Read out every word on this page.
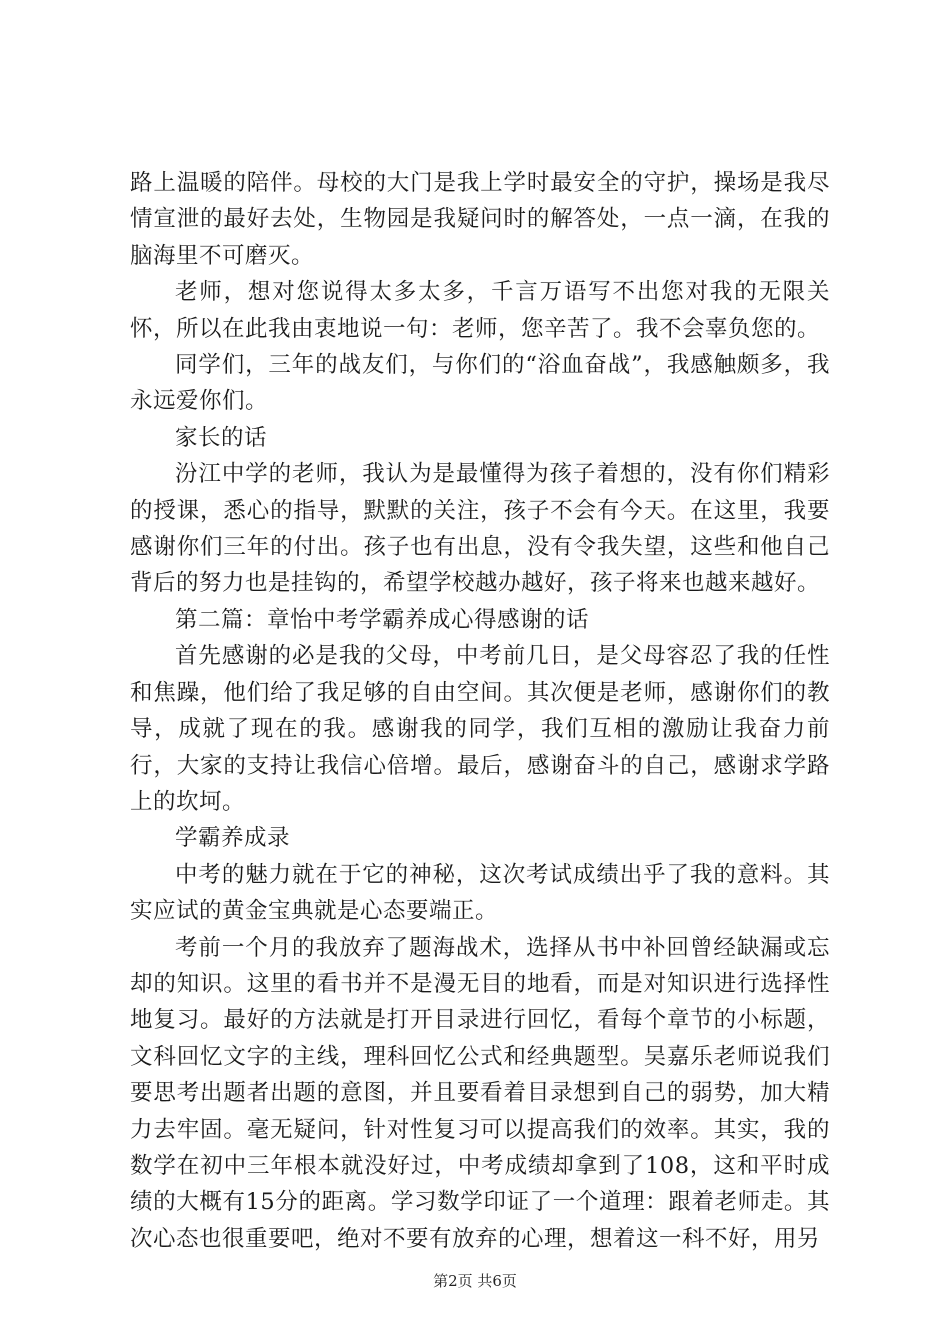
路上温暖的陪伴。母校的大门是我上学时最安全的守护，操场是我尽情宣泄的最好去处，生物园是我疑问时的解答处，一点一滴，在我的脑海里不可磨灭。

老师，想对您说得太多太多，千言万语写不出您对我的无限关怀，所以在此我由衷地说一句：老师，您辛苦了。我不会辜负您的。

同学们，三年的战友们，与你们的“浴血奋战”，我感触颇多，我永远爱你们。

家长的话

汾江中学的老师，我认为是最懂得为孩子着想的，没有你们精彩的授课，悉心的指导，默默的关注，孩子不会有今天。在这里，我要感谢你们三年的付出。孩子也有出息，没有令我失望，这些和他自己背后的努力也是挂钩的，希望学校越办越好，孩子将来也越来越好。

第二篇：章怡中考学霸养成心得感谢的话

首先感谢的必是我的父母，中考前几日，是父母容忍了我的任性和焦躁，他们给了我足够的自由空间。其次便是老师，感谢你们的教导，成就了现在的我。感谢我的同学，我们互相的激励让我奋力前行，大家的支持让我信心倍增。最后，感谢奋斗的自己，感谢求学路上的坎坷。

学霸养成录

中考的魅力就在于它的神秘，这次考试成绩出乎了我的意料。其实应试的黄金宝典就是心态要端正。

考前一个月的我放弃了题海战术，选择从书中补回曾经缺漏或忘却的知识。这里的看书并不是漫无目的地看，而是对知识进行选择性地复习。最好的方法就是打开目录进行回忆，看每个章节的小标题，文科回忆文字的主线，理科回忆公式和经典题型。吴嘉乐老师说我们要思考出题者出题的意图，并且要看着目录想到自己的弱势，加大精力去牢固。毫无疑问，针对性复习可以提高我们的效率。其实，我的数学在初中三年根本就没好过，中考成绩却拿到了108，这和平时成绩的大概有15分的距离。学习数学印证了一个道理：跟着老师走。其次心态也很重要吧，绝对不要有放弃的心理，想着这一科不好，用另

第2页 共6页
